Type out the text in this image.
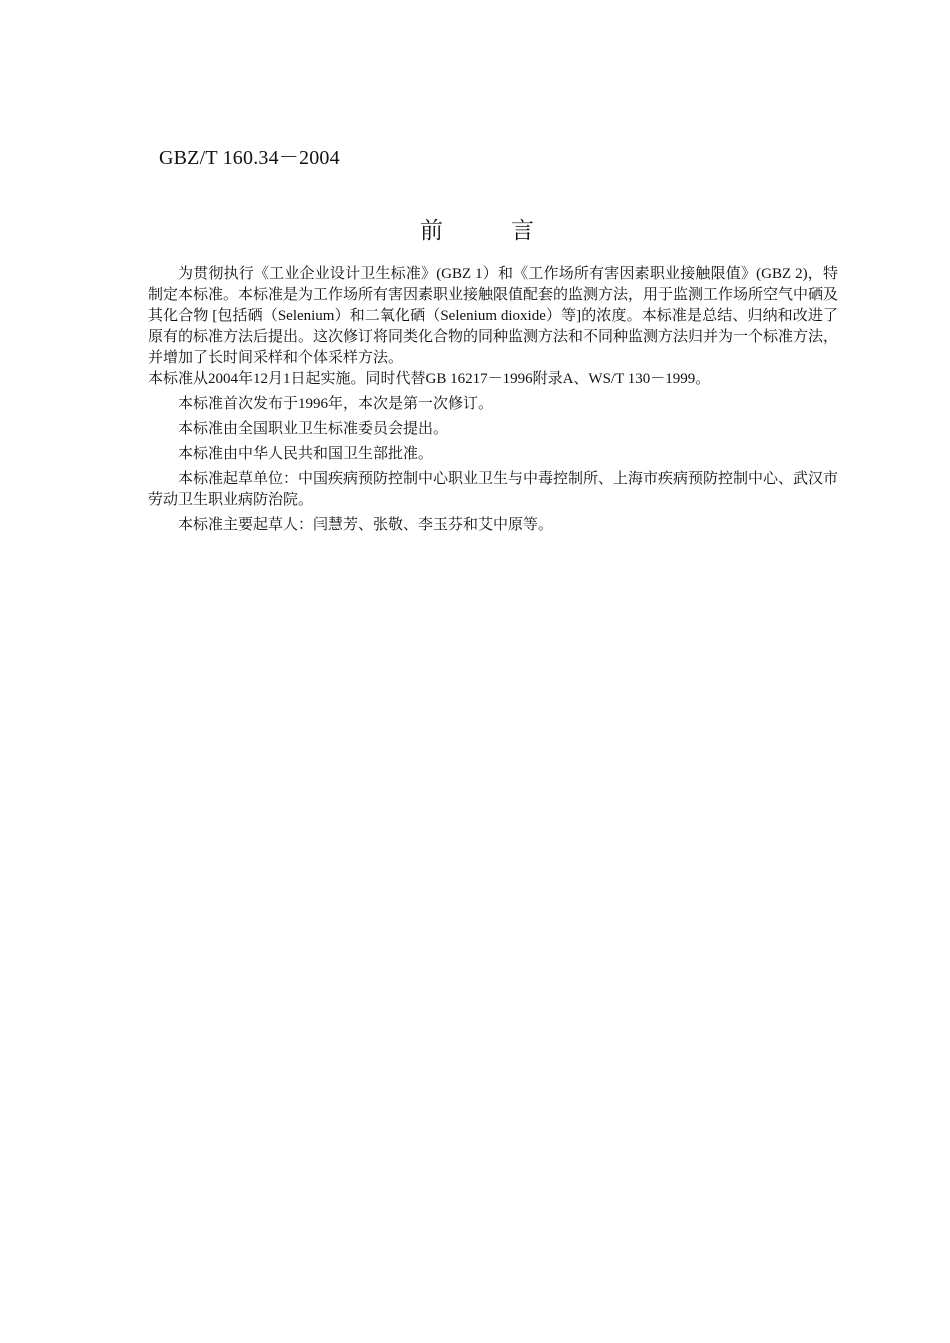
GBZ/T 160.34－2004
前言

为贯彻执行《工业企业设计卫生标准》(GBZ 1）和《工作场所有害因素职业接触限值》(GBZ 2)，特制定本标准。本标准是为工作场所有害因素职业接触限值配套的监测方法，用于监测工作场所空气中硒及其化合物 [包括硒（Selenium）和二氧化硒（Selenium dioxide）等]的浓度。本标准是总结、归纳和改进了原有的标准方法后提出。这次修订将同类化合物的同种监测方法和不同种监测方法归并为一个标准方法，并增加了长时间采样和个体采样方法。

本标准从2004年12月1日起实施。同时代替GB 16217－1996附录A、WS/T 130－1999。

本标准首次发布于1996年，本次是第一次修订。

本标准由全国职业卫生标准委员会提出。

本标准由中华人民共和国卫生部批准。

本标准起草单位：中国疾病预防控制中心职业卫生与中毒控制所、上海市疾病预防控制中心、武汉市劳动卫生职业病防治院。

本标准主要起草人：闫慧芳、张敬、李玉芬和艾中原等。
